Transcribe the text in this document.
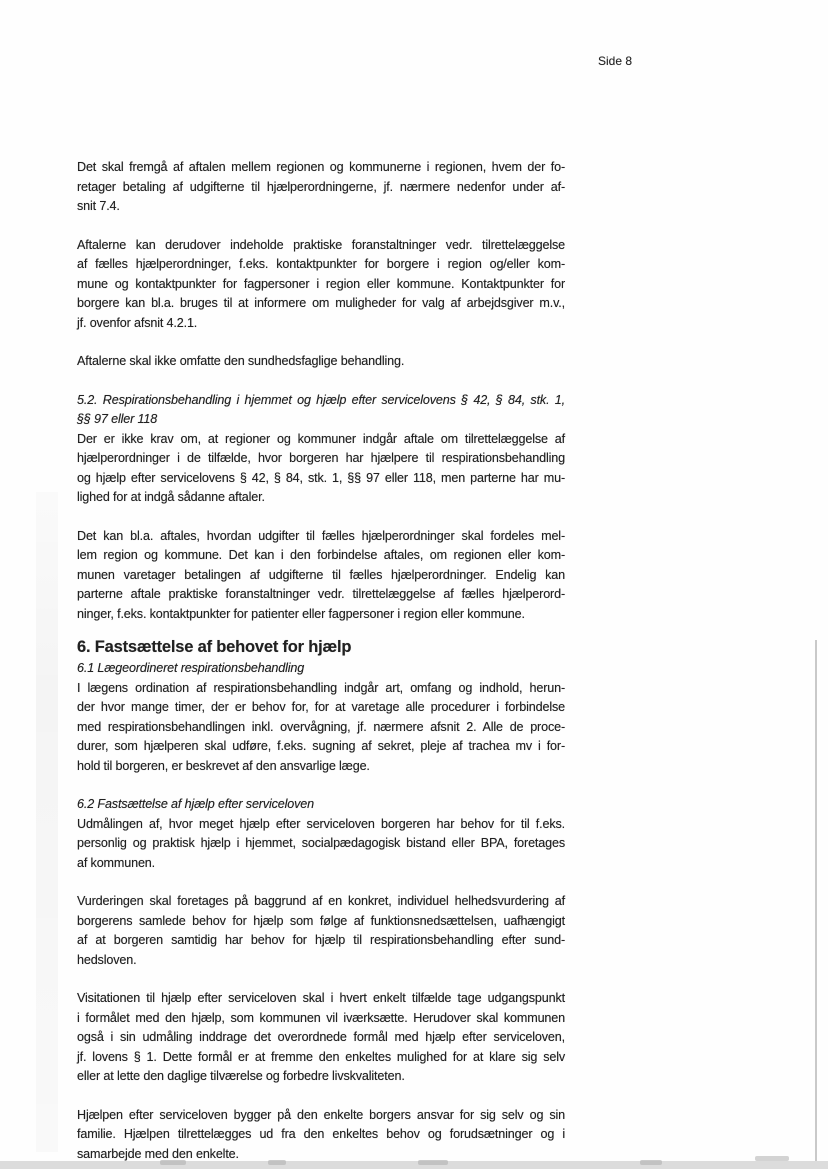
Side 8
Det skal fremgå af aftalen mellem regionen og kommunerne i regionen, hvem der fo-
retager betaling af udgifterne til hjælperordningerne, jf. nærmere nedenfor under af-
snit 7.4.
Aftalerne kan derudover indeholde praktiske foranstaltninger vedr. tilrettelæggelse
af fælles hjælperordninger, f.eks. kontaktpunkter for borgere i region og/eller kom-
mune og kontaktpunkter for fagpersoner i region eller kommune. Kontaktpunkter for
borgere kan bl.a. bruges til at informere om muligheder for valg af arbejdsgiver m.v.,
jf. ovenfor afsnit 4.2.1.
Aftalerne skal ikke omfatte den sundhedsfaglige behandling.
5.2. Respirationsbehandling i hjemmet og hjælp efter servicelovens § 42, § 84, stk. 1,
§§ 97 eller 118
Der er ikke krav om, at regioner og kommuner indgår aftale om tilrettelæggelse af
hjælperordninger i de tilfælde, hvor borgeren har hjælpere til respirationsbehandling
og hjælp efter servicelovens § 42, § 84, stk. 1, §§ 97 eller 118, men parterne har mu-
lighed for at indgå sådanne aftaler.
Det kan bl.a. aftales, hvordan udgifter til fælles hjælperordninger skal fordeles mel-
lem region og kommune. Det kan i den forbindelse aftales, om regionen eller kom-
munen varetager betalingen af udgifterne til fælles hjælperordninger. Endelig kan
parterne aftale praktiske foranstaltninger vedr. tilrettelæggelse af fælles hjælperord-
ninger, f.eks. kontaktpunkter for patienter eller fagpersoner i region eller kommune.
6. Fastsættelse af behovet for hjælp
6.1 Lægeordineret respirationsbehandling
I lægens ordination af respirationsbehandling indgår art, omfang og indhold, herun-
der hvor mange timer, der er behov for, for at varetage alle procedurer i forbindelse
med respirationsbehandlingen inkl. overvågning, jf. nærmere afsnit 2. Alle de proce-
durer, som hjælperen skal udføre, f.eks. sugning af sekret, pleje af trachea mv i for-
hold til borgeren, er beskrevet af den ansvarlige læge.
6.2 Fastsættelse af hjælp efter serviceloven
Udmålingen af, hvor meget hjælp efter serviceloven borgeren har behov for til f.eks.
personlig og praktisk hjælp i hjemmet, socialpædagogisk bistand eller BPA, foretages
af kommunen.
Vurderingen skal foretages på baggrund af en konkret, individuel helhedsvurdering af
borgerens samlede behov for hjælp som følge af funktionsnedsættelsen, uafhængigt
af at borgeren samtidig har behov for hjælp til respirationsbehandling efter sund-
hedsloven.
Visitationen til hjælp efter serviceloven skal i hvert enkelt tilfælde tage udgangspunkt
i formålet med den hjælp, som kommunen vil iværksætte. Herudover skal kommunen
også i sin udmåling inddrage det overordnede formål med hjælp efter serviceloven,
jf. lovens § 1. Dette formål er at fremme den enkeltes mulighed for at klare sig selv
eller at lette den daglige tilværelse og forbedre livskvaliteten.
Hjælpen efter serviceloven bygger på den enkelte borgers ansvar for sig selv og sin
familie. Hjælpen tilrettelægges ud fra den enkeltes behov og forudsætninger og i
samarbejde med den enkelte.
